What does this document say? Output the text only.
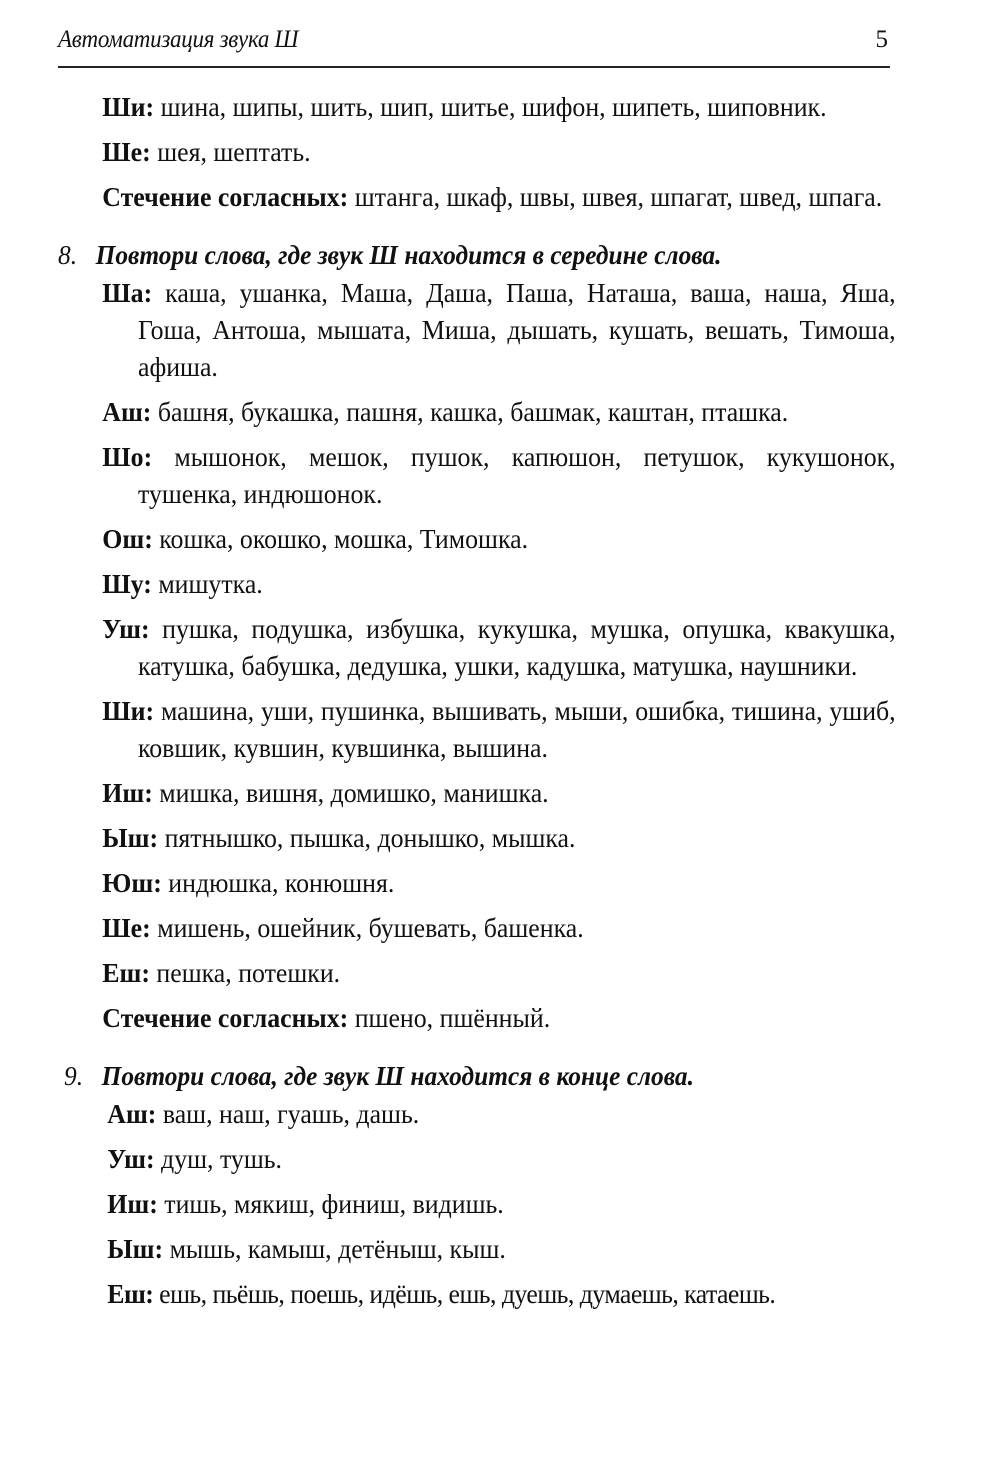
Автоматизация звука Ш	5

Ши: шина, шипы, шить, шип, шитье, шифон, шипеть, шиповник.

Ше: шея, шептать.

Стечение согласных: штанга, шкаф, швы, швея, шпагат, швед, шпага.

8. Повтори слова, где звук Ш находится в середине слова.

Ша: каша, ушанка, Маша, Даша, Паша, Наташа, ваша, наша, Яша, Гоша, Антоша, мышата, Миша, дышать, кушать, вешать, Тимоша, афиша.

Аш: башня, букашка, пашня, кашка, башмак, каштан, пташка.

Шо: мышонок, мешок, пушок, капюшон, петушок, кукушонок, тушенка, индюшонок.

Ош: кошка, окошко, мошка, Тимошка.

Шу: мишутка.

Уш: пушка, подушка, избушка, кукушка, мушка, опушка, квакушка, катушка, бабушка, дедушка, ушки, кадушка, матушка, наушники.

Ши: машина, уши, пушинка, вышивать, мыши, ошибка, тишина, ушиб, ковшик, кувшин, кувшинка, вышина.

Иш: мишка, вишня, домишко, манишка.

Ыш: пятнышко, пышка, донышко, мышка.

Юш: индюшка, конюшня.

Ше: мишень, ошейник, бушевать, башенка.

Еш: пешка, потешки.

Стечение согласных: пшено, пшённый.

9. Повтори слова, где звук Ш находится в конце слова.

Аш: ваш, наш, гуашь, дашь.

Уш: душ, тушь.

Иш: тишь, мякиш, финиш, видишь.

Ыш: мышь, камыш, детёныш, кыш.

Еш: ешь, пьёшь, поешь, идёшь, ешь, дуешь, думаешь, катаешь.
